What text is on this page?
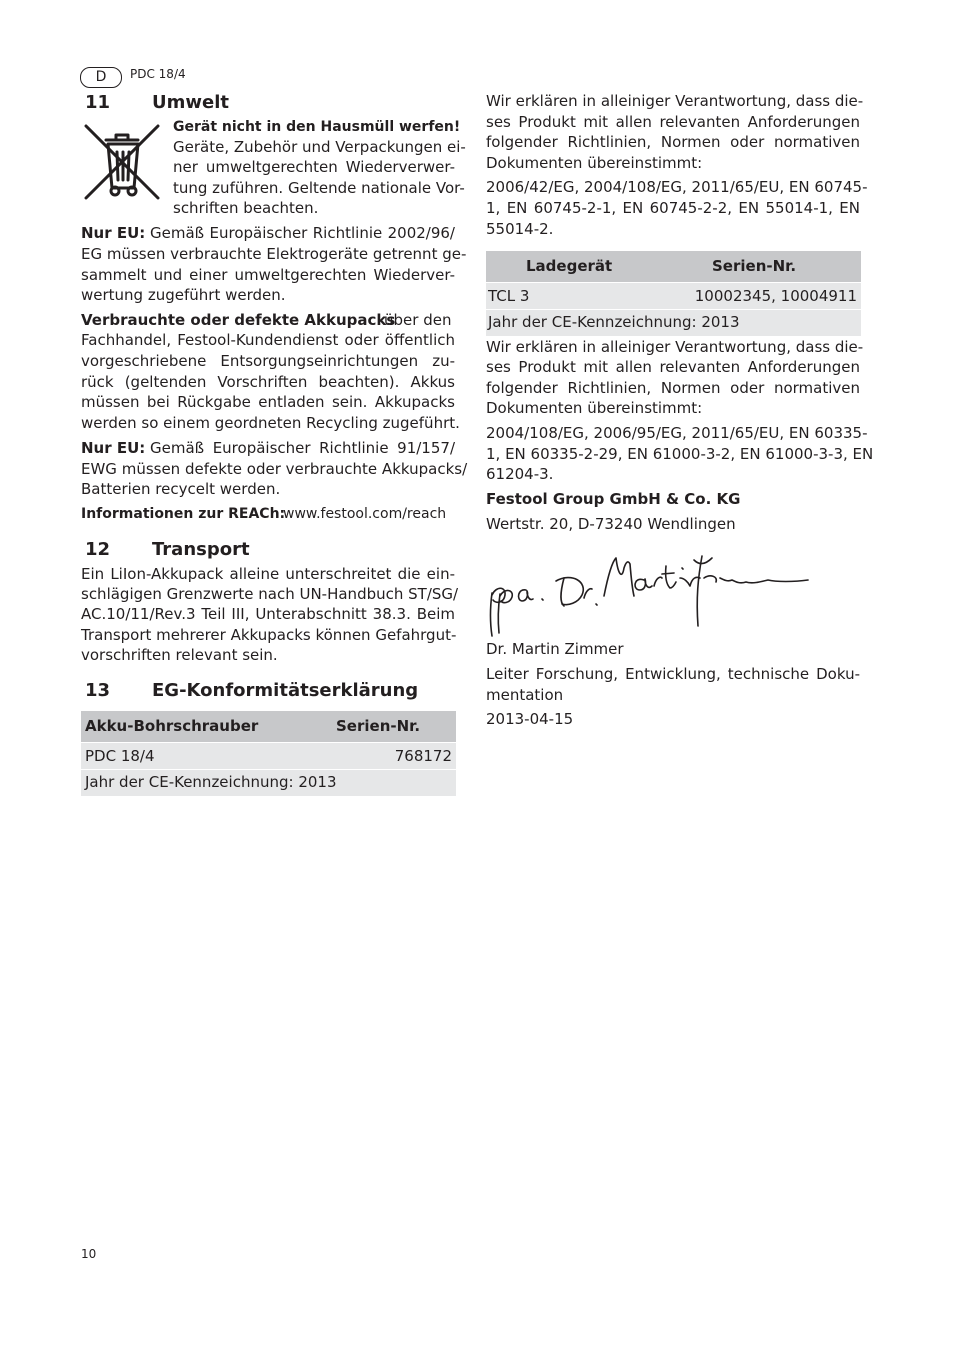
D	PDC 18/4
11 Umwelt
Gerät nicht in den Hausmüll werfen!
Geräte, Zubehör und Verpackungen ei-
ner umweltgerechten Wiederverwer-
tung zuführen. Geltende nationale Vor-
schriften beachten.
Nur EU: Gemäß Europäischer Richtlinie 2002/96/
EG müssen verbrauchte Elektrogeräte getrennt ge-
sammelt und einer umweltgerechten Wiederver-
wertung zugeführt werden.
Verbrauchte oder defekte Akkupacks
über den
Fachhandel, Festool-Kundendienst oder öffentlich
vorgeschriebene Entsorgungseinrichtungen zu-
rück (geltenden Vorschriften beachten). Akkus
müssen bei Rückgabe entladen sein. Akkupacks
werden so einem geordneten Recycling zugeführt.
Nur EU: Gemäß Europäischer Richtlinie 91/157/
EWG müssen defekte oder verbrauchte Akkupacks/
Batterien recycelt werden.
Informationen zur REACh:
www.festool.com/reach
12 Transport
Ein LiIon-Akkupack alleine unterschreitet die ein-
schlägigen Grenzwerte nach UN-Handbuch ST/SG/
AC.10/11/Rev.3 Teil III, Unterabschnitt 38.3. Beim
Transport mehrerer Akkupacks können Gefahrgut-
vorschriften relevant sein.
13 EG-Konformitätserklärung
Akku-Bohrschrauber	Serien-Nr.
PDC 18/4	768172
Jahr der CE-Kennzeichnung: 2013
Wir erklären in alleiniger Verantwortung, dass die-
ses Produkt mit allen relevanten Anforderungen
folgender Richtlinien, Normen oder normativen
Dokumenten übereinstimmt:
2006/42/EG, 2004/108/EG, 2011/65/EU, EN 60745-
1, EN 60745-2-1, EN 60745-2-2, EN 55014-1, EN
55014-2.
Ladegerät	Serien-Nr.
TCL 3	10002345, 10004911
Jahr der CE-Kennzeichnung: 2013
Wir erklären in alleiniger Verantwortung, dass die-
ses Produkt mit allen relevanten Anforderungen
folgender Richtlinien, Normen oder normativen
Dokumenten übereinstimmt:
2004/108/EG, 2006/95/EG, 2011/65/EU, EN 60335-
1, EN 60335-2-29, EN 61000-3-2, EN 61000-3-3, EN
61204-3.
Festool Group GmbH & Co. KG
Wertstr. 20, D-73240 Wendlingen
Dr. Martin Zimmer
Leiter Forschung, Entwicklung, technische Doku-
mentation
2013-04-15
10
